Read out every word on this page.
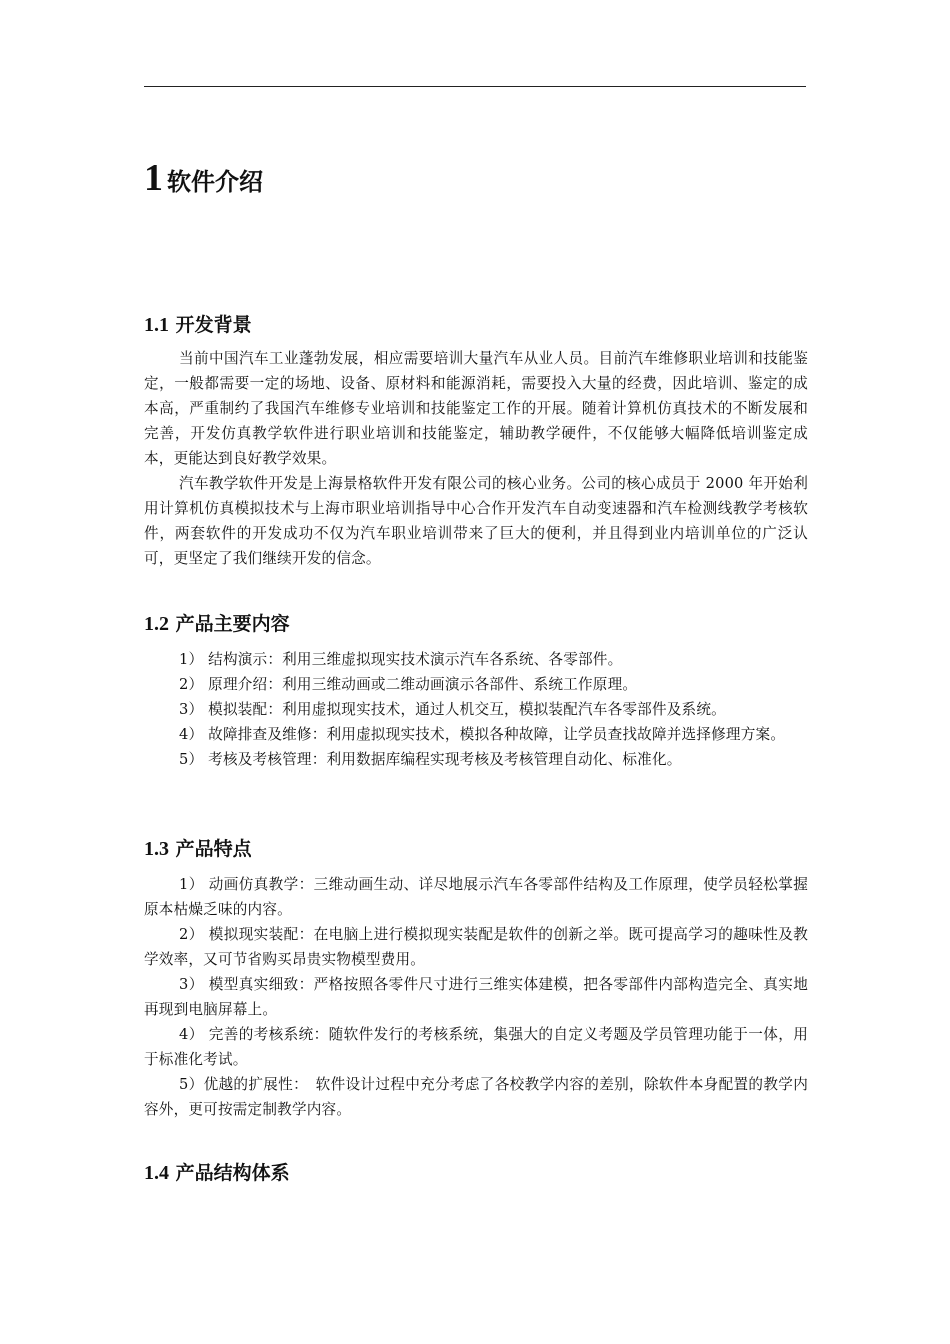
1 软件介绍
1.1 开发背景

当前中国汽车工业蓬勃发展，相应需要培训大量汽车从业人员。目前汽车维修职业培训和技能鉴定，一般都需要一定的场地、设备、原材料和能源消耗，需要投入大量的经费，因此培训、鉴定的成本高，严重制约了我国汽车维修专业培训和技能鉴定工作的开展。随着计算机仿真技术的不断发展和完善，开发仿真教学软件进行职业培训和技能鉴定，辅助教学硬件，不仅能够大幅降低培训鉴定成本，更能达到良好教学效果。

汽车教学软件开发是上海景格软件开发有限公司的核心业务。公司的核心成员于 2000 年开始利用计算机仿真模拟技术与上海市职业培训指导中心合作开发汽车自动变速器和汽车检测线教学考核软件，两套软件的开发成功不仅为汽车职业培训带来了巨大的便利，并且得到业内培训单位的广泛认可，更坚定了我们继续开发的信念。

1.2 产品主要内容

1） 结构演示：利用三维虚拟现实技术演示汽车各系统、各零部件。

2） 原理介绍：利用三维动画或二维动画演示各部件、系统工作原理。

3） 模拟装配：利用虚拟现实技术，通过人机交互，模拟装配汽车各零部件及系统。

4） 故障排查及维修：利用虚拟现实技术，模拟各种故障，让学员查找故障并选择修理方案。

5） 考核及考核管理：利用数据库编程实现考核及考核管理自动化、标准化。

1.3 产品特点

1） 动画仿真教学：三维动画生动、详尽地展示汽车各零部件结构及工作原理，使学员轻松掌握原本枯燥乏味的内容。

2） 模拟现实装配：在电脑上进行模拟现实装配是软件的创新之举。既可提高学习的趣味性及教学效率，又可节省购买昂贵实物模型费用。

3） 模型真实细致：严格按照各零件尺寸进行三维实体建模，把各零部件内部构造完全、真实地再现到电脑屏幕上。

4） 完善的考核系统：随软件发行的考核系统，集强大的自定义考题及学员管理功能于一体，用于标准化考试。

5）优越的扩展性：　软件设计过程中充分考虑了各校教学内容的差别，除软件本身配置的教学内容外，更可按需定制教学内容。

1.4 产品结构体系
